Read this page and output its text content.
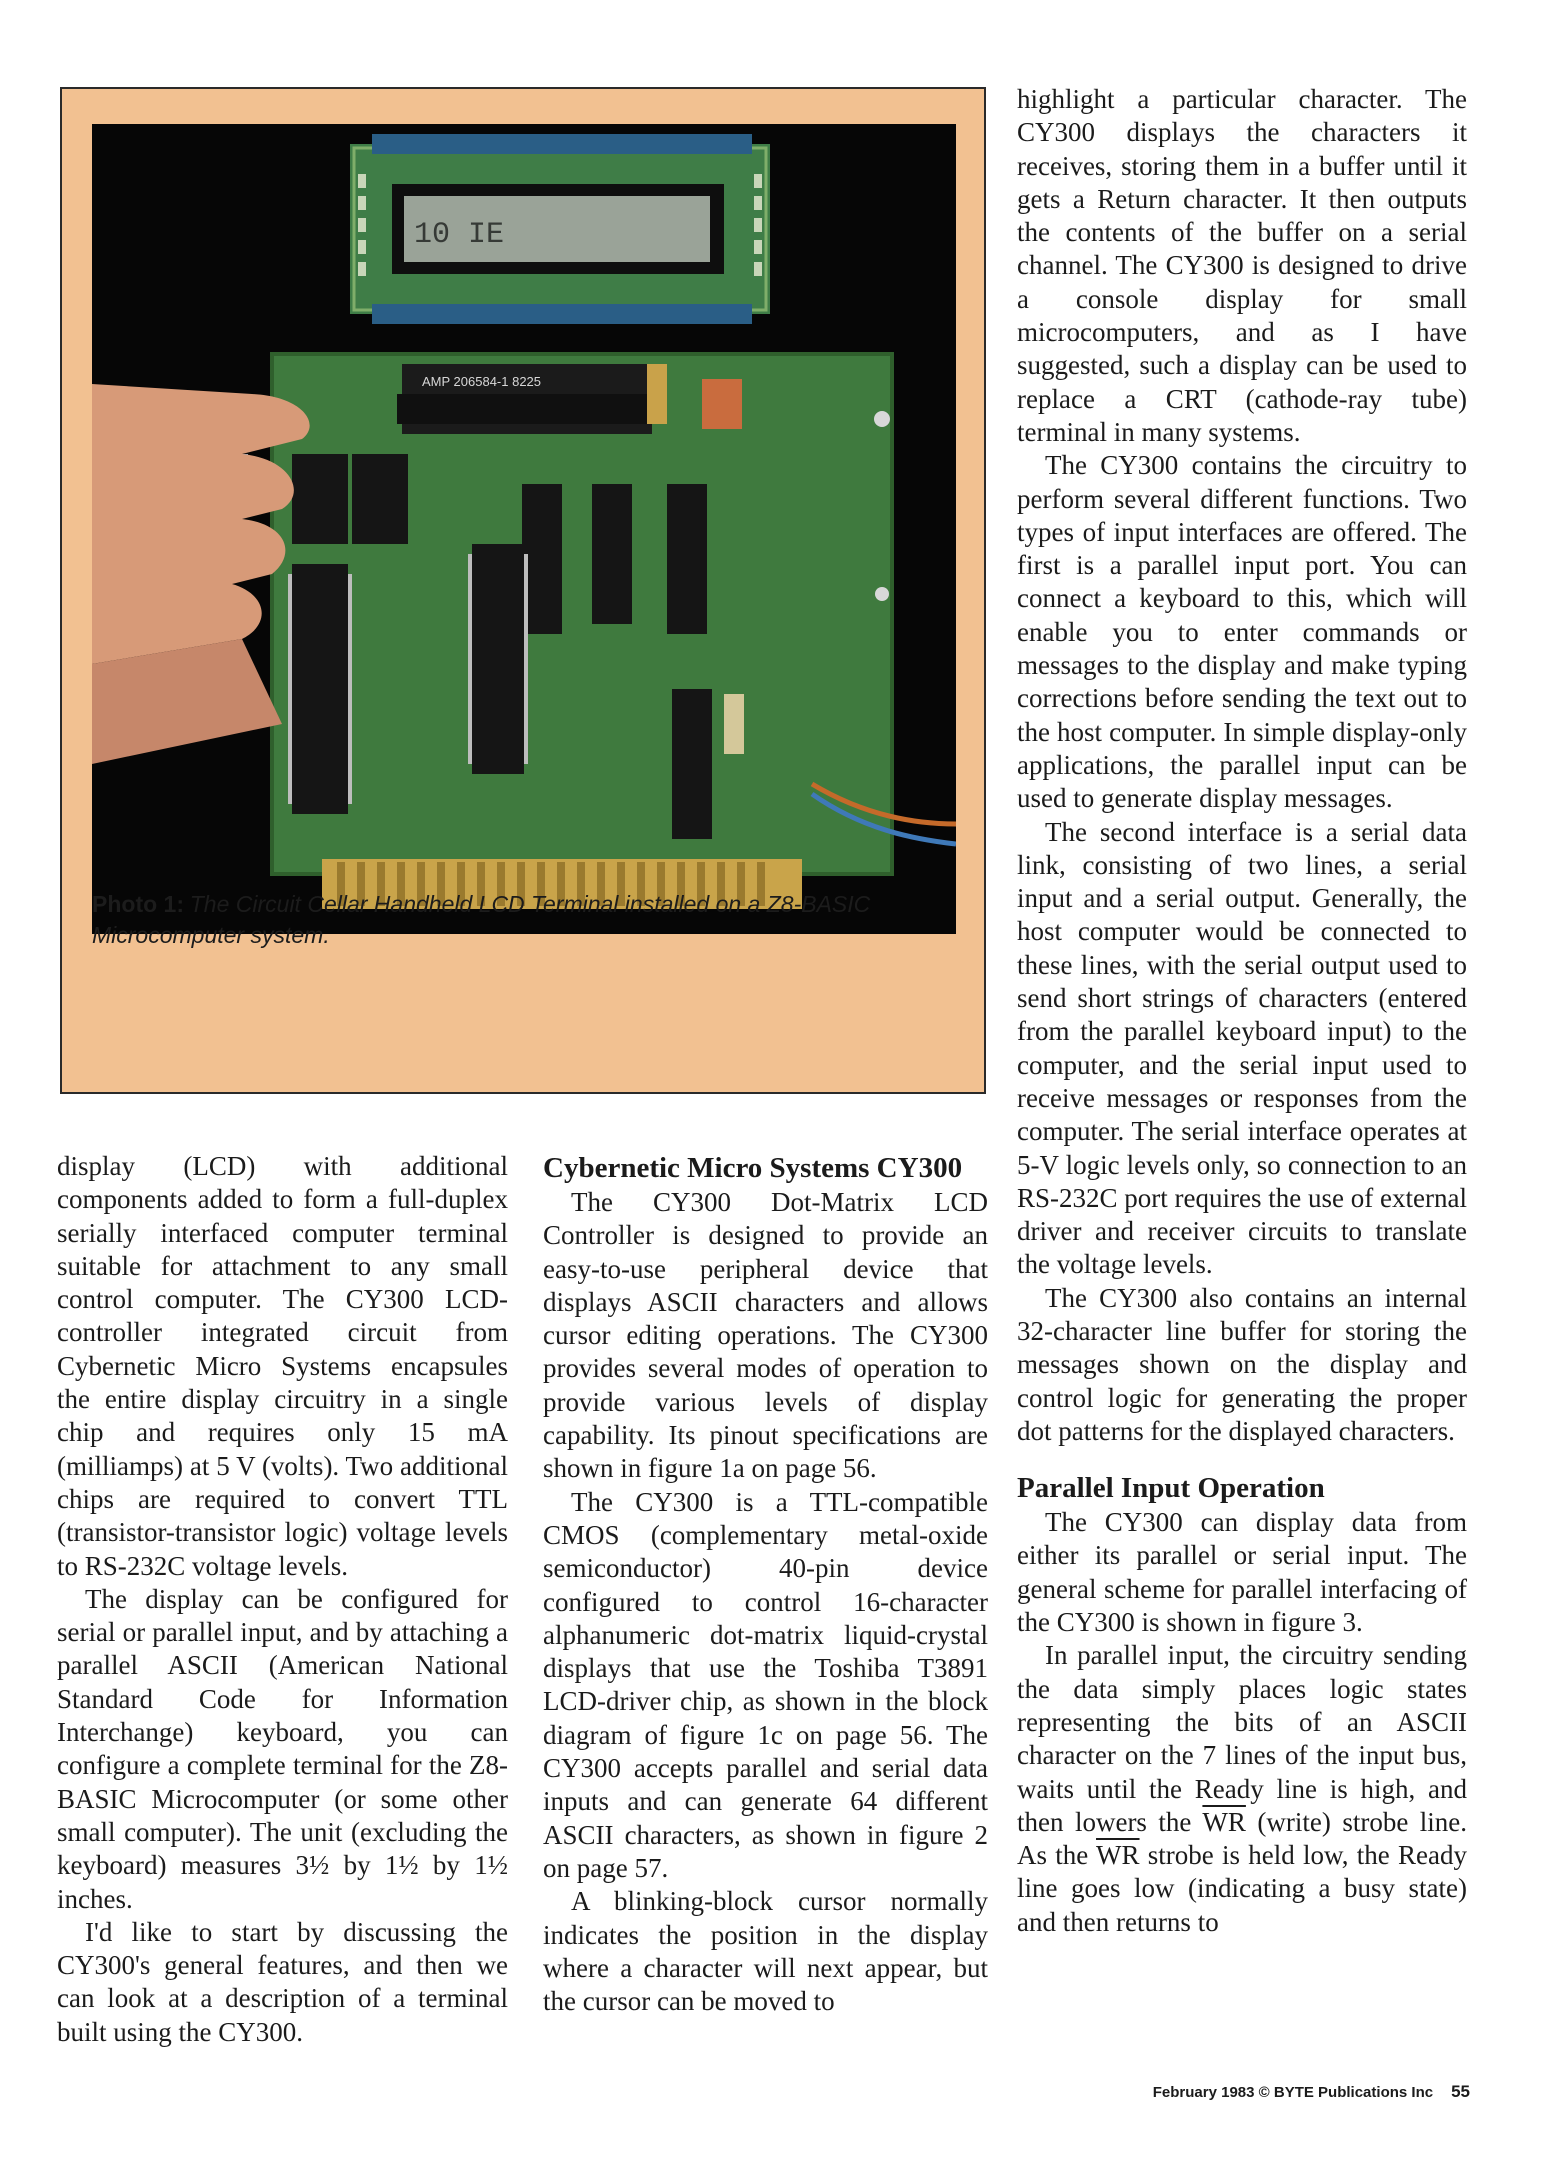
10 IE
AMP 206584-1 8225
Photo 1: The Circuit Cellar Handheld LCD Terminal installed on a Z8-BASIC Microcomputer system.

display (LCD) with additional components added to form a full-duplex serially interfaced computer terminal suitable for attachment to any small control computer. The CY300 LCD-controller integrated circuit from Cybernetic Micro Systems encapsules the entire display circuitry in a single chip and requires only 15 mA (milliamps) at 5 V (volts). Two additional chips are required to convert TTL (transistor-transistor logic) voltage levels to RS-232C voltage levels.

The display can be configured for serial or parallel input, and by attaching a parallel ASCII (American National Standard Code for Information Interchange) keyboard, you can configure a complete terminal for the Z8-BASIC Microcomputer (or some other small computer). The unit (excluding the keyboard) measures 3½ by 1½ by 1½ inches.

I'd like to start by discussing the CY300's general features, and then we can look at a description of a terminal built using the CY300.

Cybernetic Micro Systems CY300

The CY300 Dot-Matrix LCD Controller is designed to provide an easy-to-use peripheral device that displays ASCII characters and allows cursor editing operations. The CY300 provides several modes of operation to provide various levels of display capability. Its pinout specifications are shown in figure 1a on page 56.

The CY300 is a TTL-compatible CMOS (complementary metal-oxide semiconductor) 40-pin device configured to control 16-character alphanumeric dot-matrix liquid-crystal displays that use the Toshiba T3891 LCD-driver chip, as shown in the block diagram of figure 1c on page 56. The CY300 accepts parallel and serial data inputs and can generate 64 different ASCII characters, as shown in figure 2 on page 57.

A blinking-block cursor normally indicates the position in the display where a character will next appear, but the cursor can be moved to

highlight a particular character. The CY300 displays the characters it receives, storing them in a buffer until it gets a Return character. It then outputs the contents of the buffer on a serial channel. The CY300 is designed to drive a console display for small microcomputers, and as I have suggested, such a display can be used to replace a CRT (cathode-ray tube) terminal in many systems.

The CY300 contains the circuitry to perform several different functions. Two types of input interfaces are offered. The first is a parallel input port. You can connect a keyboard to this, which will enable you to enter commands or messages to the display and make typing corrections before sending the text out to the host computer. In simple display-only applications, the parallel input can be used to generate display messages.

The second interface is a serial data link, consisting of two lines, a serial input and a serial output. Generally, the host computer would be connected to these lines, with the serial output used to send short strings of characters (entered from the parallel keyboard input) to the computer, and the serial input used to receive messages or responses from the computer. The serial interface operates at 5-V logic levels only, so connection to an RS-232C port requires the use of external driver and receiver circuits to translate the voltage levels.

The CY300 also contains an internal 32-character line buffer for storing the messages shown on the display and control logic for generating the proper dot patterns for the displayed characters.

Parallel Input Operation

The CY300 can display data from either its parallel or serial input. The general scheme for parallel interfacing of the CY300 is shown in figure 3.

In parallel input, the circuitry sending the data simply places logic states representing the bits of an ASCII character on the 7 lines of the input bus, waits until the Ready line is high, and then lowers the $\overline{WR}$ (write) strobe line. As the $\overline{WR}$ strobe is held low, the Ready line goes low (indicating a busy state) and then returns to

February 1983 © BYTE Publications Inc 55
